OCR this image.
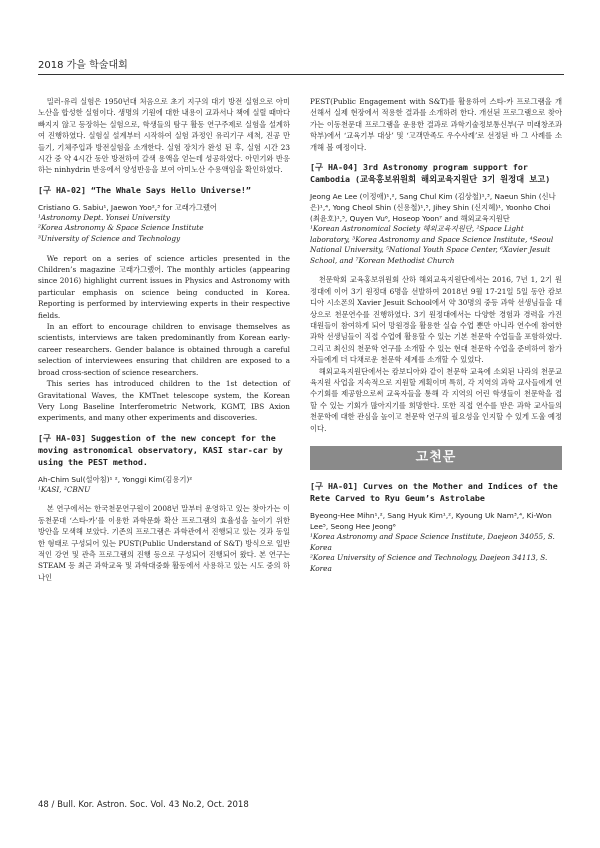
2018 가을 학술대회

밀러-유리 실험은 1950년대 처음으로 초기 지구의 대기 방전 실험으로 아미노산을 합성한 실험이다. 생명의 기원에 대한 내용이 교과서나 책에 실릴 때마다 빠지지 않고 등장하는 실험으로, 학생들의 탐구 활동 연구주제로 실험을 설계하여 진행하였다. 실험실 설계부터 시작하여 실험 과정인 유리기구 세척, 진공 만들기, 기체주입과 방전실험을 소개한다. 실험 장치가 완성 된 후, 실험 시간 23시간 중 약 4시간 동안 방전하여 갈색 용액을 얻는데 성공하였다. 아민기와 반응하는 ninhydrin 반응에서 양성반응을 보여 아미노산 수용액임을 확인하였다.

[구 HA-02] “The Whale Says Hello Universe!”
Cristiano G. Sabiu¹, Jaewon Yoo²,³ for 고래가그랬어
¹Astronomy Dept. Yonsei University
²Korea Astronomy & Space Science Institute
³University of Science and Technology

We report on a series of science articles presented in the Children’s magazine 고래가그랬어. The monthly articles (appearing since 2016) highlight current issues in Physics and Astronomy with particular emphasis on science being conducted in Korea. Reporting is performed by interviewing experts in their respective fields.

In an effort to encourage children to envisage themselves as scientists, interviews are taken predominantly from Korean early-career researchers. Gender balance is obtained through a careful selection of interviewees ensuring that children are exposed to a broad cross-section of science researchers.

This series has introduced children to the 1st detection of Gravitational Waves, the KMTnet telescope system, the Korean Very Long Baseline Interferometric Network, KGMT, IBS Axion experiments, and many other experiments and discoveries.

[구 HA-03] Suggestion of the new concept for the moving astronomical observatory, KASI star-car by using the PEST method.
Ah-Chim Sul(설아침)¹ ², Yonggi Kim(김용기)²
¹KASI, ²CBNU

본 연구에서는 한국천문연구원이 2008년 말부터 운영하고 있는 찾아가는 이동천문대 ‘스타-카’를 이용한 과학문화 확산 프로그램의 효율성을 높이기 위한 방안을 모색해 보았다. 기존의 프로그램은 과학관에서 진행되고 있는 것과 동일한 형태로 구성되어 있는 PUST(Public Understand of S&T) 방식으로 일반적인 강연 및 관측 프로그램의 진행 등으로 구성되어 진행되어 왔다. 본 연구는 STEAM 등 최근 과학교육 및 과학대중화 활동에서 사용하고 있는 시도 중의 하나인

PEST(Public Engagement with S&T)를 활용하여 스타-카 프로그램을 개선해서 실제 현장에서 적용한 결과를 소개하려 한다. 개선된 프로그램으로 찾아가는 이동천문대 프로그램을 운용한 결과로 과학기술정보통신부(구 미래창조과학부)에서 ‘교육기부 대상’ 및 ‘고객만족도 우수사례’로 선정된 바 그 사례를 소개해 볼 예정이다.

[구 HA-04] 3rd Astronomy program support for Cambodia (교육홍보위원회 해외교육지원단 3기 원정대 보고)
Jeong Ae Lee (이정애)¹,², Sang Chul Kim (김상철)¹,³, Naeun Shin (신나은)¹,⁴, Yong Cheol Shin (신용철)¹,⁵, Jihey Shin (신지혜)¹, Yoonho Choi (최윤호)¹,⁵, Quyen Vu⁶, Hoseop Yoon⁷ and 해외교육지원단
¹Korean Astronomical Society 해외교육지원단, ²Space Light laboratory, ³Korea Astronomy and Space Science Institute, ⁴Seoul National University, ⁵National Youth Space Center, ⁶Xavier Jesuit School, and ⁷Korean Methodist Church

천문학회 교육홍보위원회 산하 해외교육지원단에서는 2016, 7년 1, 2기 원정대에 이어 3기 원정대 6명을 선발하여 2018년 9월 17-21일 5일 동안 캄보디아 시소폰의 Xavier Jesuit School에서 약 30명의 중등 과학 선생님들을 대상으로 천문연수를 진행하였다. 3기 원정대에서는 다양한 경험과 경력을 가진 대원들이 참여하게 되어 망원경을 활용한 실습 수업 뿐만 아니라 연수에 참여한 과학 선생님들이 직접 수업에 활용할 수 있는 기본 천문학 수업들을 포함하였다. 그리고 최신의 천문학 연구를 소개할 수 있는 현대 천문학 수업을 준비하여 참가자들에게 더 다채로운 천문학 세계를 소개할 수 있었다.

해외교육지원단에서는 캄보디아와 같이 천문학 교육에 소외된 나라의 천문교육지원 사업을 지속적으로 지원할 계획이며 특히, 각 지역의 과학 교사들에게 연수기회를 제공함으로써 교육자들을 통해 각 지역의 어린 학생들이 천문학을 접할 수 있는 기회가 많아지기를 희망한다. 또한 직접 연수를 받은 과학 교사들의 천문학에 대한 관심을 높이고 천문학 연구의 필요성을 인지할 수 있게 도울 예정이다.

고천문
[구 HA-01] Curves on the Mother and Indices of the Rete Carved to Ryu Geum’s Astrolabe
Byeong-Hee Mihn¹,², Sang Hyuk Kim¹,², Kyoung Uk Nam³,⁴, Ki-Won Lee⁵, Seong Hee Jeong⁶
¹Korea Astronomy and Space Science Institute, Daejeon 34055, S. Korea
²Korea University of Science and Technology, Daejeon 34113, S. Korea
48 / Bull. Kor. Astron. Soc. Vol. 43 No.2, Oct. 2018
